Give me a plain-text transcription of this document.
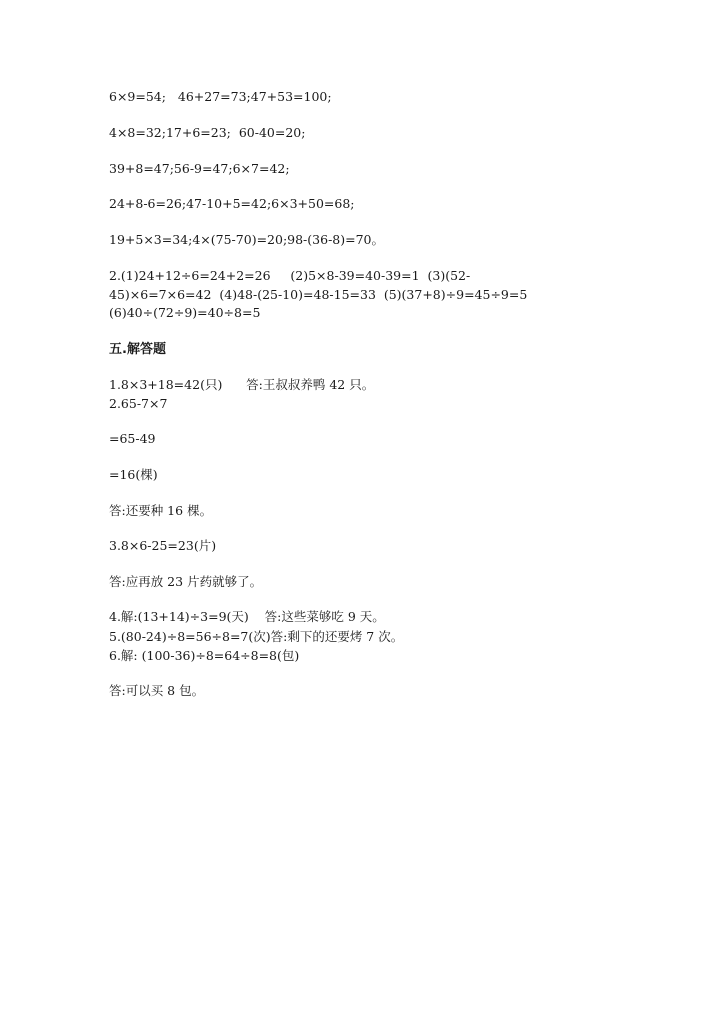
6×9=54;   46+27=73;47+53=100;
4×8=32;17+6=23;  60-40=20;
39+8=47;56-9=47;6×7=42;
24+8-6=26;47-10+5=42;6×3+50=68;
19+5×3=34;4×(75-70)=20;98-(36-8)=70。
2.(1)24+12÷6=24+2=26     (2)5×8-39=40-39=1  (3)(52-
45)×6=7×6=42  (4)48-(25-10)=48-15=33  (5)(37+8)÷9=45÷9=5
(6)40÷(72÷9)=40÷8=5
五.解答题
1.8×3+18=42(只)      答:王叔叔养鸭 42 只。
2.65-7×7
=65-49
=16(棵)
答:还要种 16 棵。
3.8×6-25=23(片)
答:应再放 23 片药就够了。
4.解:(13+14)÷3=9(天)    答:这些菜够吃 9 天。
5.(80-24)÷8=56÷8=7(次)答:剩下的还要烤 7 次。
6.解: (100-36)÷8=64÷8=8(包)
答:可以买 8 包。
